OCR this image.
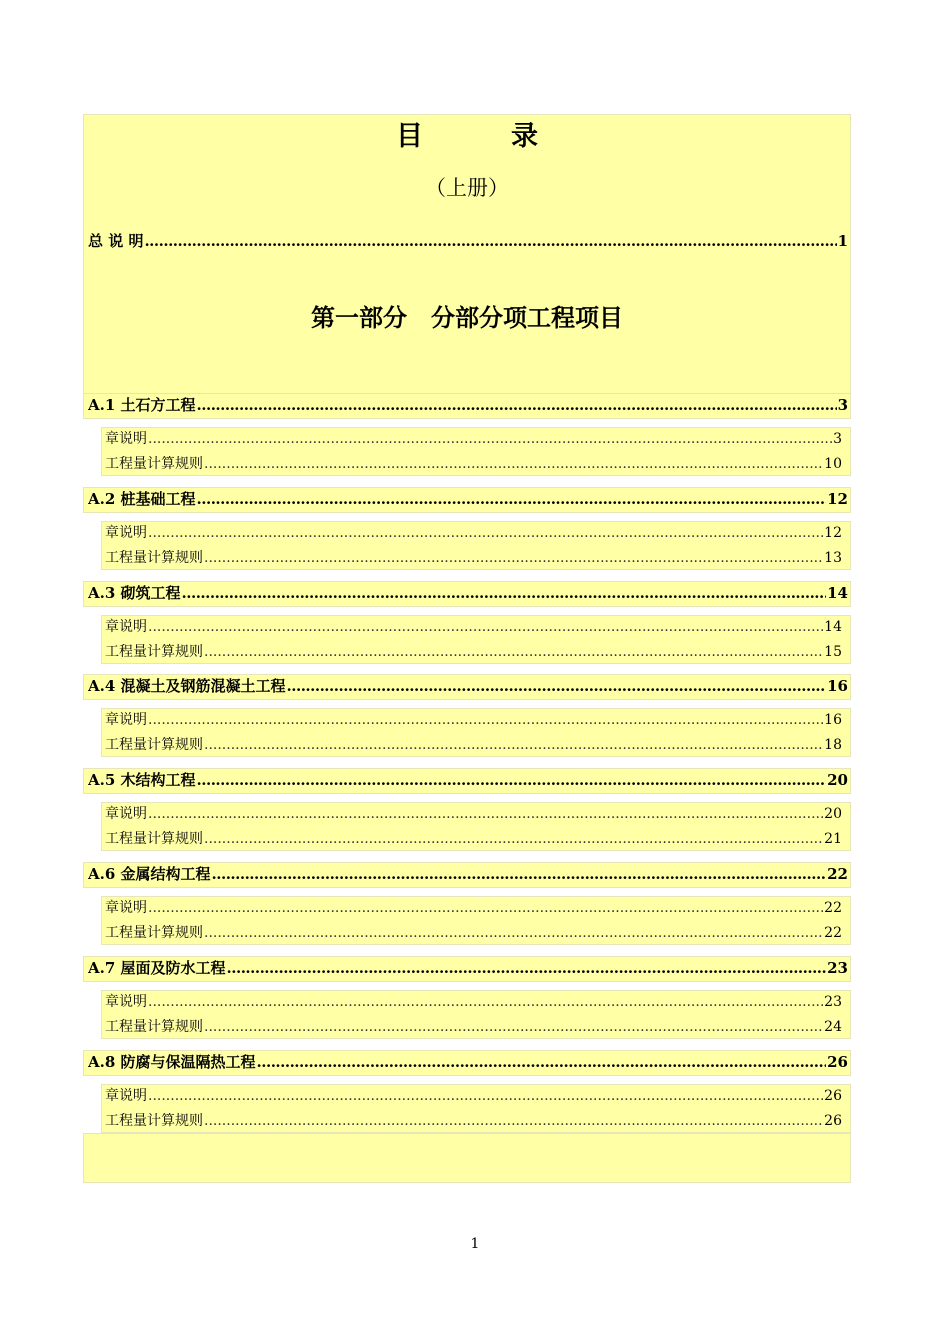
目	录
（上册）
总 说 明 .....	1
第一部分　分部分项工程项目
A.1 土石方工程 .....	3
章说明 .....	3
工程量计算规则 .....	10
A.2 桩基础工程 .....	12
章说明 .....	12
工程量计算规则 .....	13
A.3 砌筑工程 .....	14
章说明 .....	14
工程量计算规则 .....	15
A.4 混凝土及钢筋混凝土工程 .....	16
章说明 .....	16
工程量计算规则 .....	18
A.5 木结构工程 .....	20
章说明 .....	20
工程量计算规则 .....	21
A.6 金属结构工程 .....	22
章说明 .....	22
工程量计算规则 .....	22
A.7 屋面及防水工程 .....	23
章说明 .....	23
工程量计算规则 .....	24
A.8 防腐与保温隔热工程 .....	26
章说明 .....	26
工程量计算规则 .....	26
1
